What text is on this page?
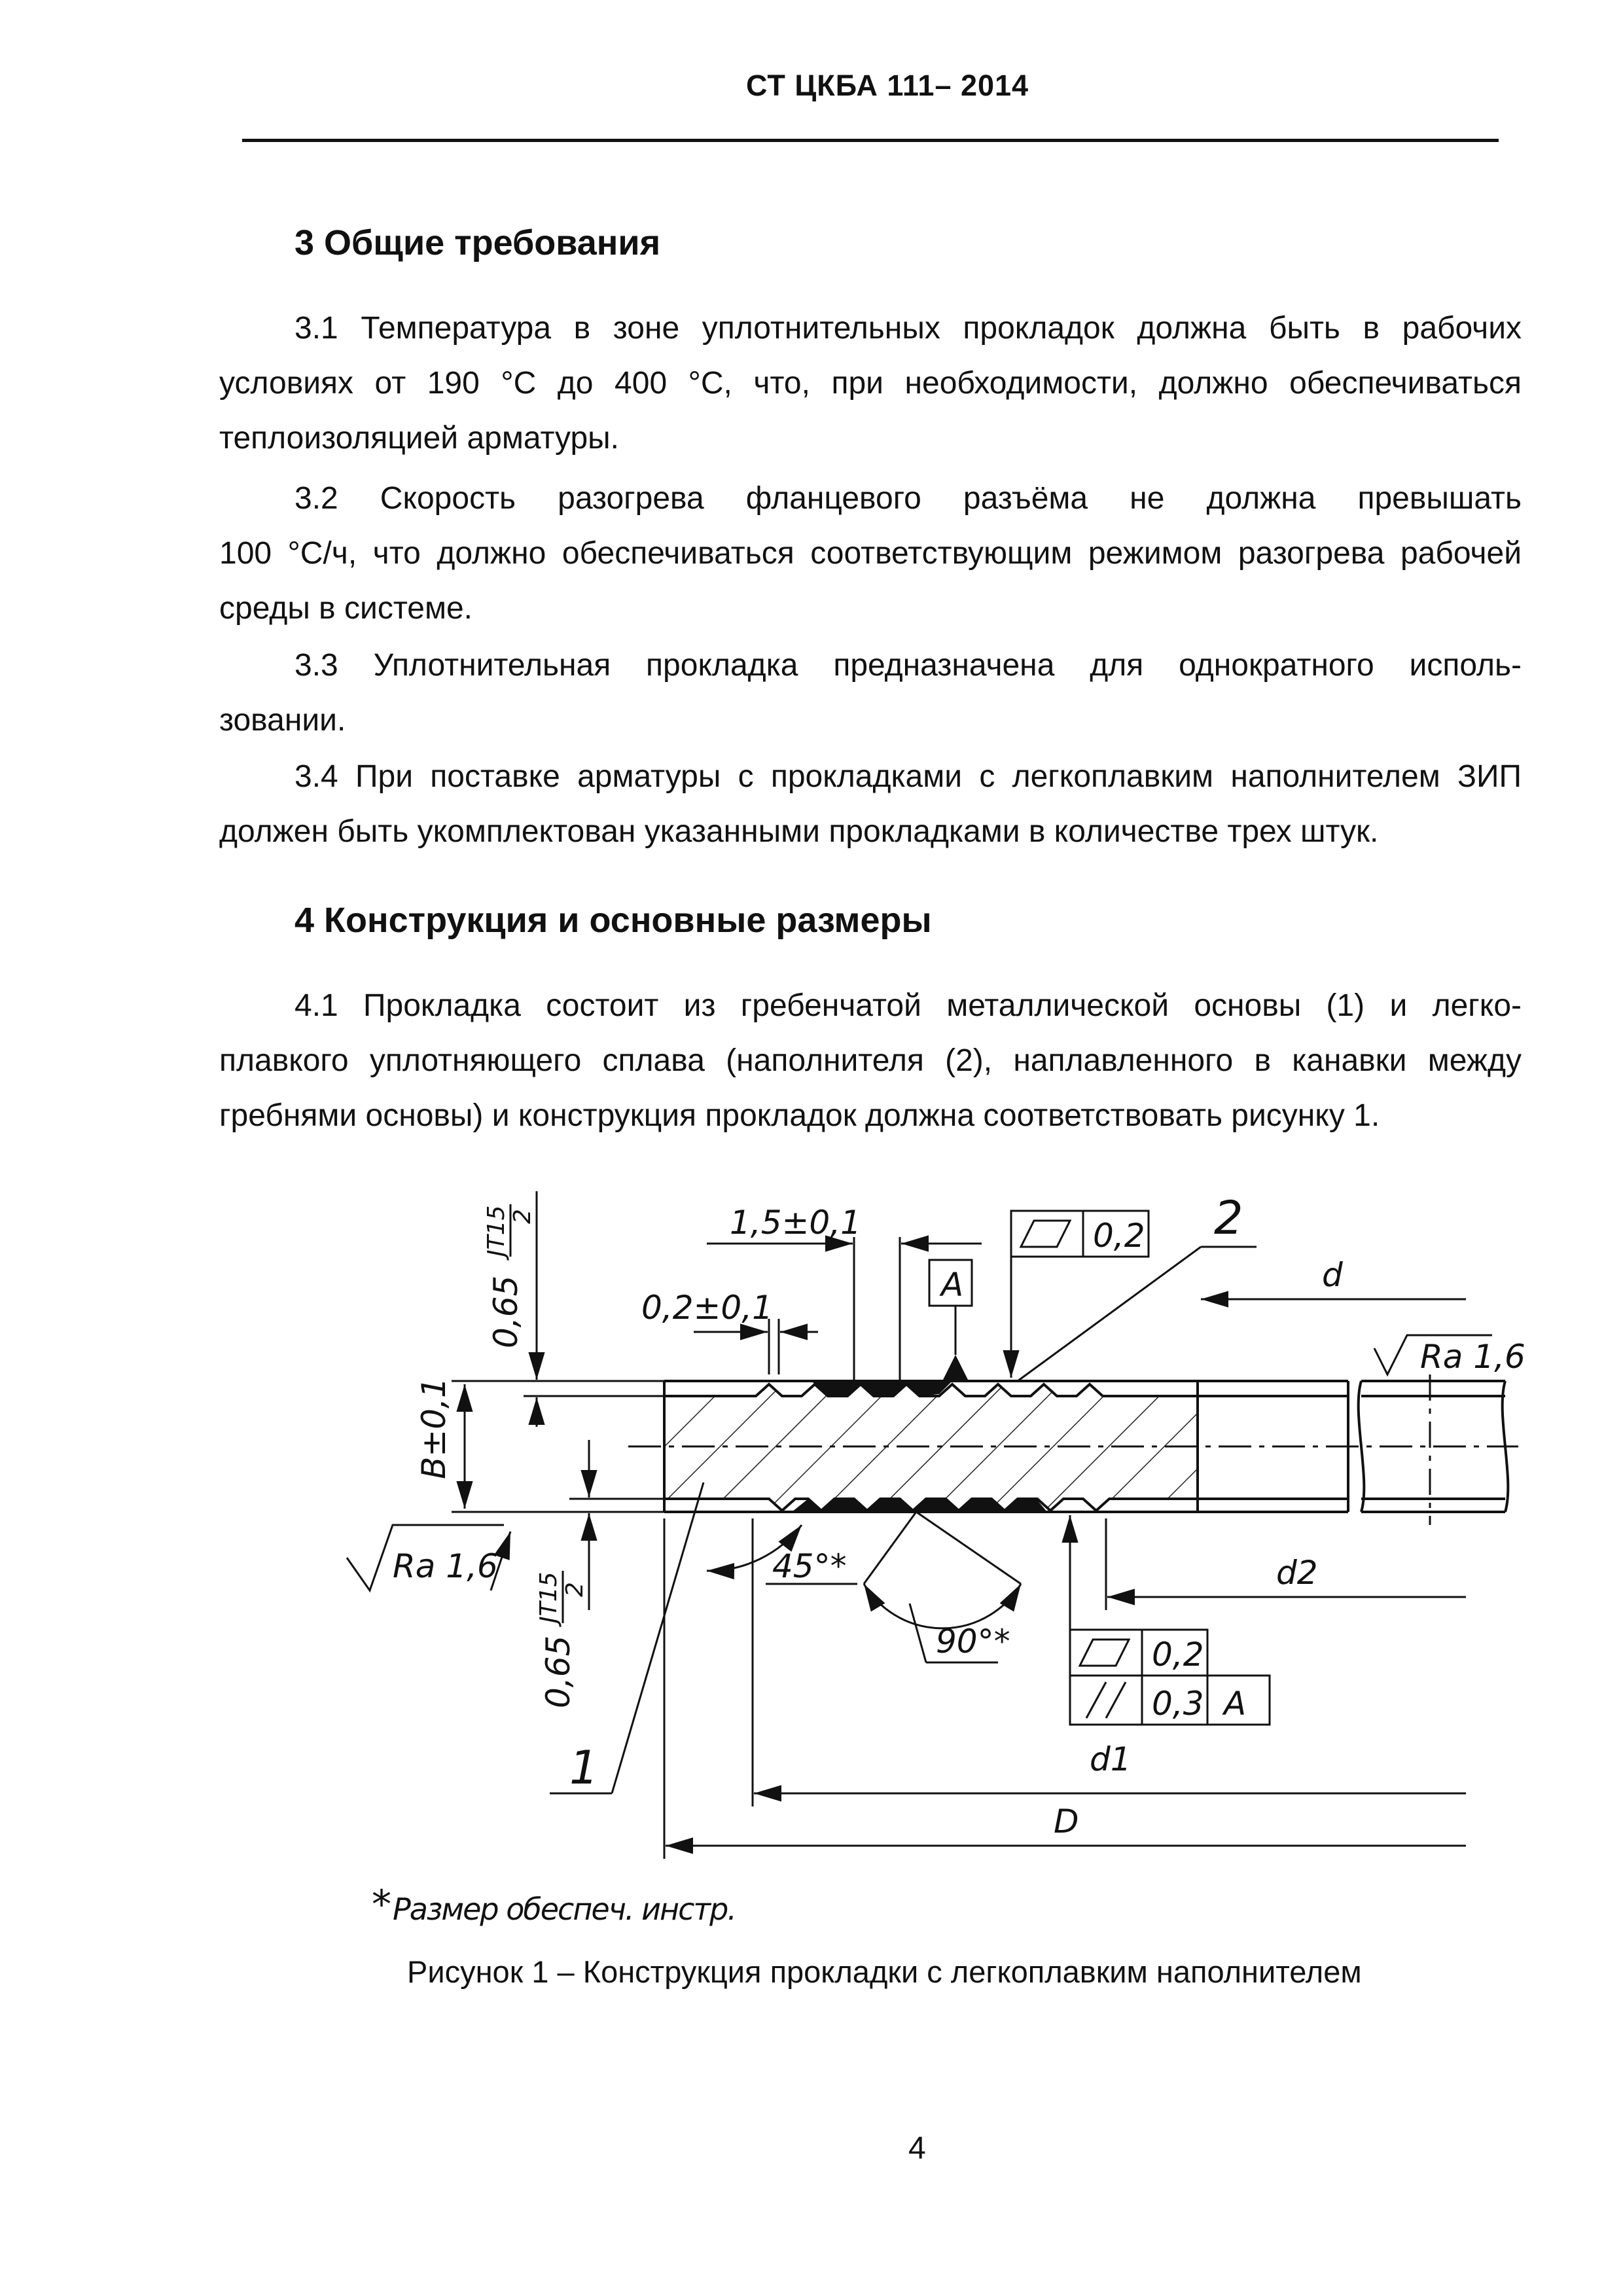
СТ ЦКБА 111– 2014
3 Общие требования
3.1 Температура в зоне уплотнительных прокладок должна быть в рабочих
условиях от 190 °С до 400 °С, что, при необходимости, должно обеспечиваться
теплоизоляцией арматуры.
3.2 Скорость разогрева фланцевого разъёма не должна превышать
100 °С/ч, что должно обеспечиваться соответствующим режимом разогрева рабочей
среды в системе.
3.3 Уплотнительная прокладка предназначена для однократного исполь-
зовании.
3.4 При поставке арматуры с прокладками с легкоплавким наполнителем ЗИП
должен быть укомплектован указанными прокладками в количестве трех штук.
4 Конструкция и основные размеры
4.1 Прокладка состоит из гребенчатой металлической основы (1) и легко-
плавкого уплотняющего сплава (наполнителя (2), наплавленного в канавки между
гребнями основы) и конструкция прокладок должна соответствовать рисунку 1.
1,5±0,1
0,2±0,1
A
0,2 2
d
Ra 1,6
Ra 1,6	d2
d1
D
1
45°*
90°*	0,2
0,3 A
B±0,1
0,65
JT15 2
0,65
JT15 2
* Размер обеспеч. инстр.
Рисунок 1 – Конструкция прокладки с легкоплавким наполнителем
4
